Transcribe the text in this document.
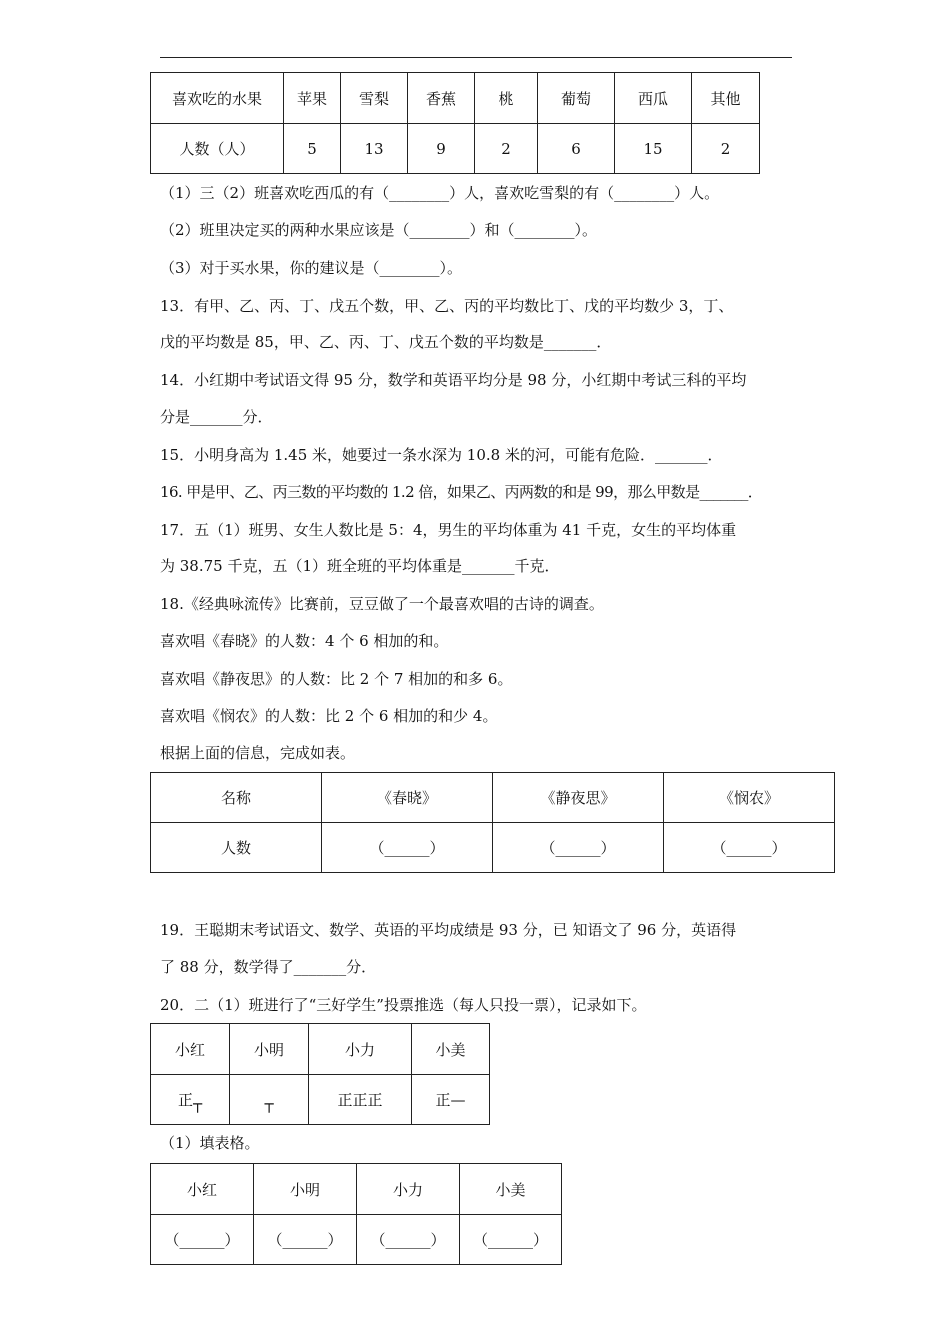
喜欢吃的水果	苹果	雪梨	香蕉	桃	葡萄	西瓜	其他
人数（人）	5	13	9	2	6	15	2
（1）三（2）班喜欢吃西瓜的有（________）人，喜欢吃雪梨的有（________）人。
（2）班里决定买的两种水果应该是（________）和（________）。
（3）对于买水果，你的建议是（________）。
13．有甲、乙、丙、丁、戊五个数，甲、乙、丙的平均数比丁、戊的平均数少 3，丁、
戊的平均数是 85，甲、乙、丙、丁、戊五个数的平均数是_______．
14．小红期中考试语文得 95 分，数学和英语平均分是 98 分，小红期中考试三科的平均
分是_______分．
15．小明身高为 1.45 米，她要过一条水深为 10.8 米的河，可能有危险．_______．
16. 甲是甲、乙、丙三数的平均数的 1.2 倍，如果乙、丙两数的和是 99，那么甲数是_______．
17．五（1）班男、女生人数比是 5：4，男生的平均体重为 41 千克，女生的平均体重
为 38.75 千克，五（1）班全班的平均体重是_______千克．
18.《经典咏流传》比赛前，豆豆做了一个最喜欢唱的古诗的调查。
喜欢唱《春晓》的人数：4 个 6 相加的和。
喜欢唱《静夜思》的人数：比 2 个 7 相加的和多 6。
喜欢唱《悯农》的人数：比 2 个 6 相加的和少 4。
根据上面的信息，完成如表。
名称	《春晓》	《静夜思》	《悯农》
人数	（______）	（______）	（______）
19．王聪期末考试语文、数学、英语的平均成绩是 93 分，已 知语文了 96 分，英语得
了 88 分，数学得了_______分．
20．二（1）班进行了“三好学生”投票推选（每人只投一票），记录如下。
小红	小明	小力	小美
正┬	┬	正正正	正—
（1）填表格。
小红	小明	小力	小美
（______）	（______）	（______）	（______）
